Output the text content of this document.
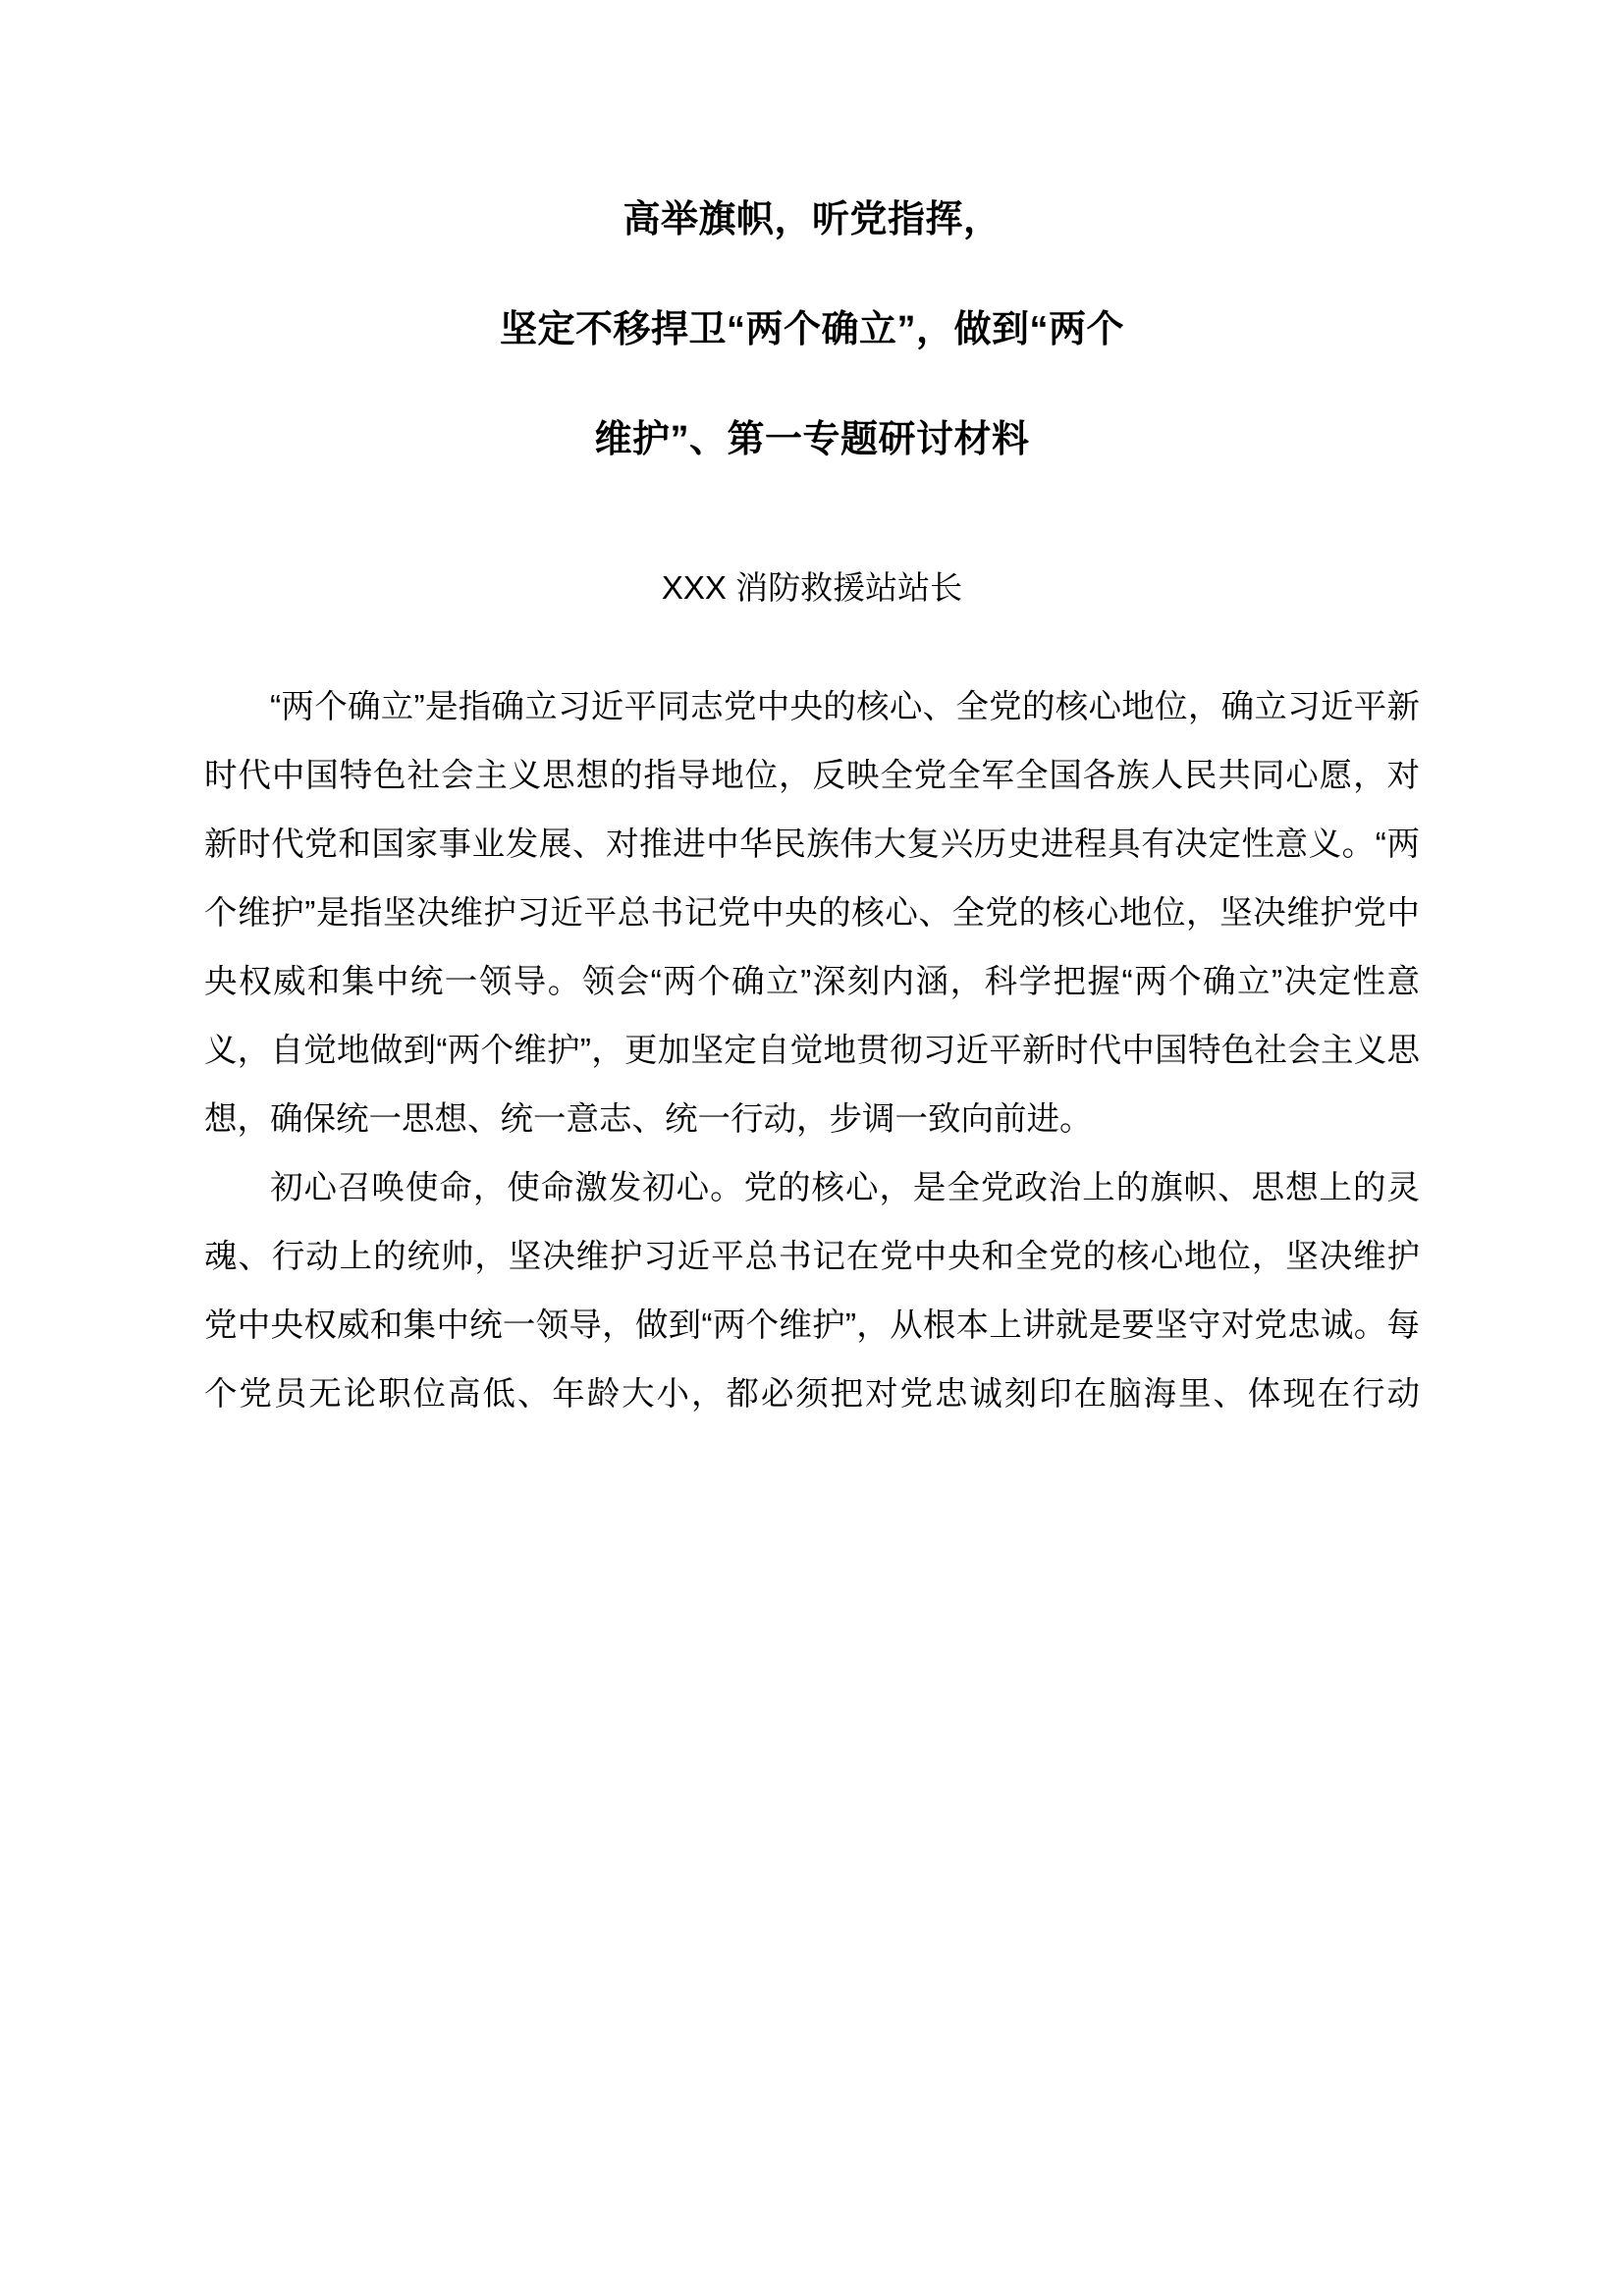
高举旗帜，听党指挥，
坚定不移捍卫“两个确立”，做到“两个
维护”、第一专题研讨材料
XXX 消防救援站站长

“两个确立”是指确立习近平同志党中央的核心、全党的核心地位，确立习近平新时代中国特色社会主义思想的指导地位，反映全党全军全国各族人民共同心愿，对新时代党和国家事业发展、对推进中华民族伟大复兴历史进程具有决定性意义。“两个维护”是指坚决维护习近平总书记党中央的核心、全党的核心地位，坚决维护党中央权威和集中统一领导。领会“两个确立”深刻内涵，科学把握“两个确立”决定性意义，自觉地做到“两个维护”，更加坚定自觉地贯彻习近平新时代中国特色社会主义思想，确保统一思想、统一意志、统一行动，步调一致向前进。

初心召唤使命，使命激发初心。党的核心，是全党政治上的旗帜、思想上的灵魂、行动上的统帅，坚决维护习近平总书记在党中央和全党的核心地位，坚决维护党中央权威和集中统一领导，做到“两个维护”，从根本上讲就是要坚守对党忠诚。每个党员无论职位高低、年龄大小，都必须把对党忠诚刻印在脑海里、体现在行动
